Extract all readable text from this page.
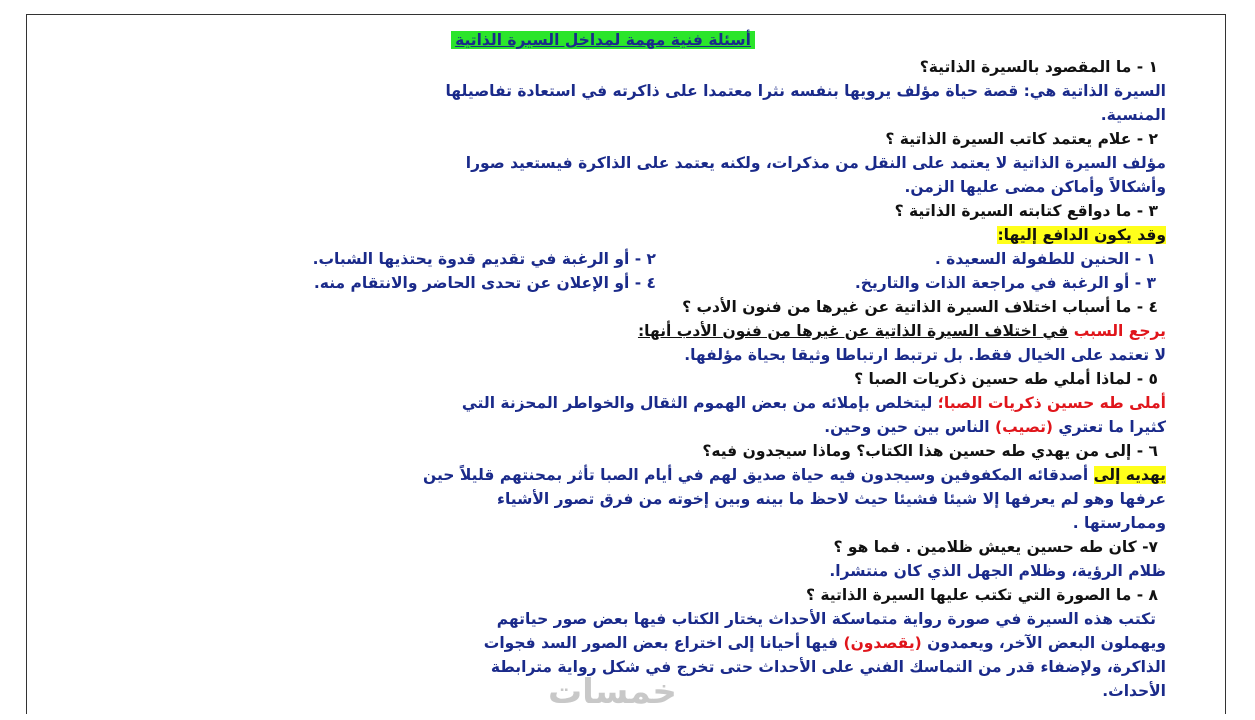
أسئلة فنية مهمة لمداخل السيرة الذاتية
١ - ما المقصود بالسيرة الذاتية؟
السيرة الذاتية هي: قصة حياة مؤلف يرويها بنفسه نثرا معتمدا على ذاكرته في استعادة تفاصيلها
المنسية.
٢ - علام يعتمد كاتب السيرة الذاتية ؟
مؤلف السيرة الذاتية لا يعتمد على النقل من مذكرات، ولكنه يعتمد على الذاكرة فيستعيد صورا
وأشكالاً وأماكن مضى عليها الزمن.
٣ - ما دواقع كتابته السيرة الذاتية ؟
وقد يكون الدافع إليها:
١ - الحنين للطفولة السعيدة .
٢ - أو الرغبة في تقديم قدوة يحتذيها الشباب.
٣ - أو الرغبة في مراجعة الذات والتاريخ.
٤ - أو الإعلان عن تحدى الحاضر والانتقام منه.
٤ - ما أسباب اختلاف السيرة الذاتية عن غيرها من فنون الأدب ؟
يرجع السبب في اختلاف السيرة الذاتية عن غيرها من فنون الأدب أنها:
لا تعتمد على الخيال فقط. بل ترتبط ارتباطا وثيقا بحياة مؤلفها.
٥ - لماذا أملي طه حسين ذكريات الصبا ؟
أملى طه حسين ذكريات الصبا؛ ليتخلص بإملائه من بعض الهموم الثقال والخواطر المحزنة التي
كثيرا ما تعتري (تصيب) الناس بين حين وحين.
٦ - إلى من يهدي طه حسين هذا الكتاب؟ وماذا سيجدون فيه؟
يهديه إلى أصدقائه المكفوفين وسيجدون فيه حياة صديق لهم في أيام الصبا تأثر بمحنتهم قليلاً حين
عرفها وهو لم يعرفها إلا شيئا فشيئا حيث لاحظ ما بينه وبين إخوته من فرق تصور الأشياء
وممارستها .
٧- كان طه حسين يعيش ظلامين . فما هو ؟
ظلام الرؤية، وظلام الجهل الذي كان منتشرا.
٨ - ما الصورة التي تكتب عليها السيرة الذاتية ؟
تكتب هذه السيرة في صورة رواية متماسكة الأحداث يختار الكتاب فيها بعض صور حياتهم
ويهملون البعض الآخر، ويعمدون (يقصدون) فيها أحيانا إلى اختراع بعض الصور السد فجوات
الذاكرة، ولإضفاء قدر من التماسك الفني على الأحداث حتى تخرج في شكل رواية مترابطة
الأحداث.
خمسات
